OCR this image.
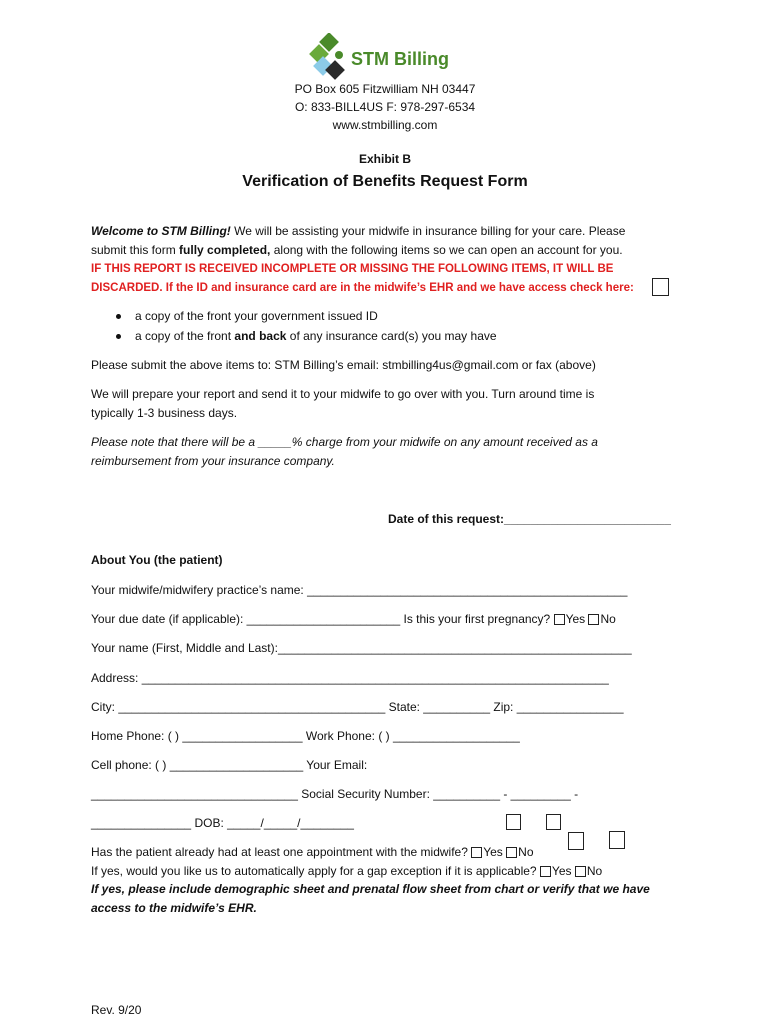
STM Billing
PO Box 605 Fitzwilliam NH 03447
O: 833-BILL4US F: 978-297-6534
www.stmbilling.com
Exhibit B
Verification of Benefits Request Form
Welcome to STM Billing! We will be assisting your midwife in insurance billing for your care. Please
submit this form fully completed, along with the following items so we can open an account for you.
IF THIS REPORT IS RECEIVED INCOMPLETE OR MISSING THE FOLLOWING ITEMS, IT WILL BE
DISCARDED. If the ID and insurance card are in the midwife’s EHR and we have access check here:
a copy of the front your government issued ID
a copy of the front and back of any insurance card(s) you may have
Please submit the above items to: STM Billing’s email: stmbilling4us@gmail.com or fax (above)
We will prepare your report and send it to your midwife to go over with you. Turn around time is
typically 1-3 business days.
Please note that there will be a _____% charge from your midwife on any amount received as a
reimbursement from your insurance company.
Date of this request:_________________________
About You (the patient)
Your midwife/midwifery practice’s name: ________________________________________________
Your due date (if applicable): _______________________ Is this your first pregnancy? Yes No
Your name (First, Middle and Last):_____________________________________________________
Address: ______________________________________________________________________
City: ________________________________________ State: __________ Zip: ________________
Home Phone: ( ) __________________ Work Phone: ( ) ___________________
Cell phone: ( ) ____________________ Your Email:
_______________________________ Social Security Number: __________ - _________ -
_______________ DOB: _____/_____/________
Has the patient already had at least one appointment with the midwife? Yes No
If yes, would you like us to automatically apply for a gap exception if it is applicable? Yes No
If yes, please include demographic sheet and prenatal flow sheet from chart or verify that we have
access to the midwife’s EHR.
Rev. 9/20
